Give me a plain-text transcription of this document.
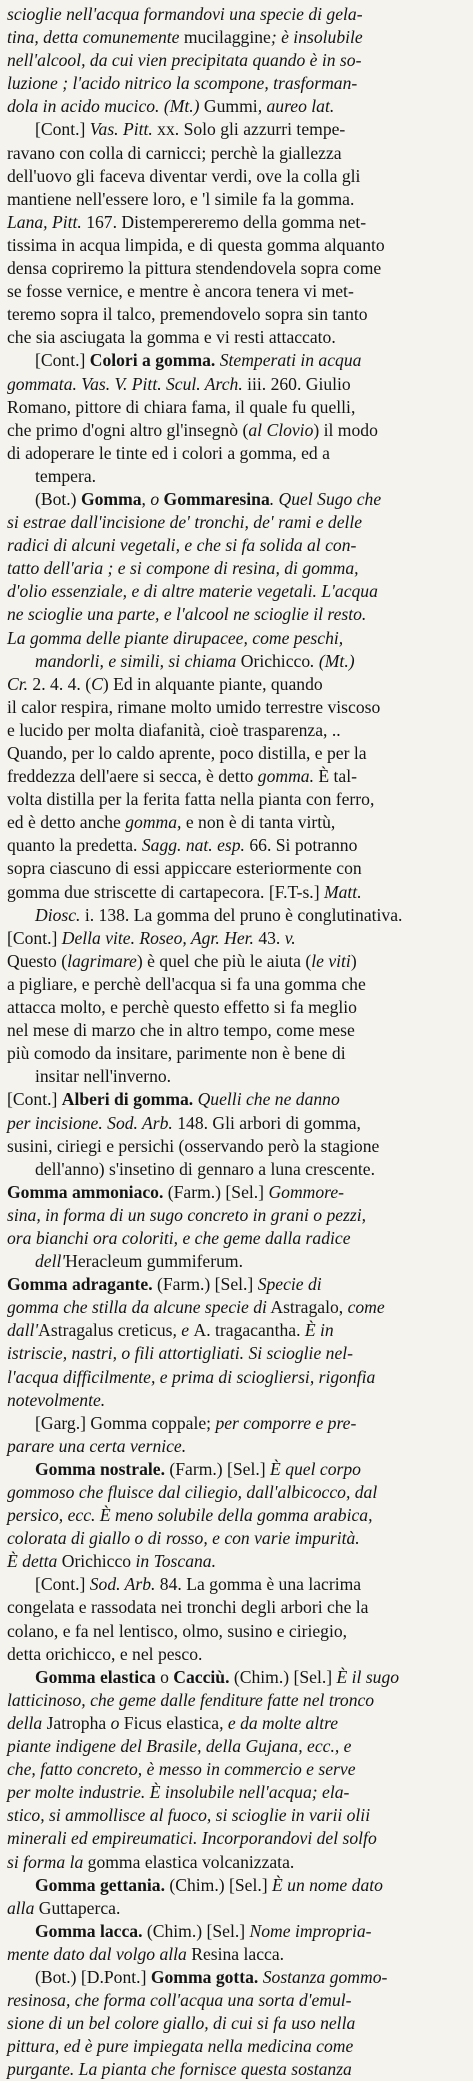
scioglie nell'acqua formandovi una specie di gela-
tina, detta comunemente mucilaggine; è insolubile
nell'alcool, da cui vien precipitata quando è in so-
luzione ; l'acido nitrico la scompone, trasforman-
dola in acido mucico. (Mt.) Gummi, aureo lat.
[Cont.] Vas. Pitt. xx. Solo gli azzurri tempe-
ravano con colla di carnicci; perchè la giallezza
dell'uovo gli faceva diventar verdi, ove la colla gli
mantiene nell'essere loro, e 'l simile fa la gomma.
Lana, Pitt. 167. Distempereremo della gomma net-
tissima in acqua limpida, e di questa gomma alquanto
densa copriremo la pittura stendendovela sopra come
se fosse vernice, e mentre è ancora tenera vi met-
teremo sopra il talco, premendovelo sopra sin tanto
che sia asciugata la gomma e vi resti attaccato.
[Cont.] Colori a gomma. Stemperati in acqua
gommata. Vas. V. Pitt. Scul. Arch. iii. 260. Giulio
Romano, pittore di chiara fama, il quale fu quelli,
che primo d'ogni altro gl'insegnò (al Clovio) il modo
di adoperare le tinte ed i colori a gomma, ed a
tempera.
(Bot.) Gomma, o Gommaresina. Quel Sugo che
si estrae dall'incisione de' tronchi, de' rami e delle
radici di alcuni vegetali, e che si fa solida al con-
tatto dell'aria ; e si compone di resina, di gomma,
d'olio essenziale, e di altre materie vegetali. L'acqua
ne scioglie una parte, e l'alcool ne scioglie il resto.
La gomma delle piante dirupacee, come peschi,
mandorli, e simili, si chiama Orichicco. (Mt.)
Cr. 2. 4. 4. (C) Ed in alquante piante, quando
il calor respira, rimane molto umido terrestre viscoso
e lucido per molta diafanità, cioè trasparenza, ..
Quando, per lo caldo aprente, poco distilla, e per la
freddezza dell'aere si secca, è detto gomma. È tal-
volta distilla per la ferita fatta nella pianta con ferro,
ed è detto anche gomma, e non è di tanta virtù,
quanto la predetta. Sagg. nat. esp. 66. Si potranno
sopra ciascuno di essi appiccare esteriormente con
gomma due striscette di cartapecora. [F.T-s.] Matt.
Diosc. i. 138. La gomma del pruno è conglutinativa.
[Cont.] Della vite. Roseo, Agr. Her. 43. v.
Questo (lagrimare) è quel che più le aiuta (le viti)
a pigliare, e perchè dell'acqua si fa una gomma che
attacca molto, e perchè questo effetto si fa meglio
nel mese di marzo che in altro tempo, come mese
più comodo da insitare, parimente non è bene di
insitar nell'inverno.
[Cont.] Alberi di gomma. Quelli che ne danno
per incisione. Sod. Arb. 148. Gli arbori di gomma,
susini, ciriegi e persichi (osservando però la stagione
dell'anno) s'insetino di gennaro a luna crescente.
Gomma ammoniaco. (Farm.) [Sel.] Gommore-
sina, in forma di un sugo concreto in grani o pezzi,
ora bianchi ora coloriti, e che geme dalla radice
dell'Heracleum gummiferum.
Gomma adragante. (Farm.) [Sel.] Specie di
gomma che stilla da alcune specie di Astragalo, come
dall'Astragalus creticus, e A. tragacantha. È in
istriscie, nastri, o fili attortigliati. Si scioglie nel-
l'acqua difficilmente, e prima di sciogliersi, rigonfia
notevolmente.
[Garg.] Gomma coppale; per comporre e pre-
parare una certa vernice.
Gomma nostrale. (Farm.) [Sel.] È quel corpo
gommoso che fluisce dal ciliegio, dall'albicocco, dal
persico, ecc. È meno solubile della gomma arabica,
colorata di giallo o di rosso, e con varie impurità.
È detta Orichicco in Toscana.
[Cont.] Sod. Arb. 84. La gomma è una lacrima
congelata e rassodata nei tronchi degli arbori che la
colano, e fa nel lentisco, olmo, susino e ciriegio,
detta orichicco, e nel pesco.
Gomma elastica o Cacciù. (Chim.) [Sel.] È il sugo
latticinoso, che geme dalle fenditure fatte nel tronco
della Jatropha o Ficus elastica, e da molte altre
piante indigene del Brasile, della Gujana, ecc., e
che, fatto concreto, è messo in commercio e serve
per molte industrie. È insolubile nell'acqua; ela-
stico, si ammollisce al fuoco, si scioglie in varii olii
minerali ed empireumatici. Incorporandovi del solfo
si forma la gomma elastica volcanizzata.
Gomma gettania. (Chim.) [Sel.] È un nome dato
alla Guttaperca.
Gomma lacca. (Chim.) [Sel.] Nome impropria-
mente dato dal volgo alla Resina lacca.
(Bot.) [D.Pont.] Gomma gotta. Sostanza gommo-
resinosa, che forma coll'acqua una sorta d'emul-
sione di un bel colore giallo, di cui si fa uso nella
pittura, ed è pure impiegata nella medicina come
purgante. La pianta che fornisce questa sostanza
